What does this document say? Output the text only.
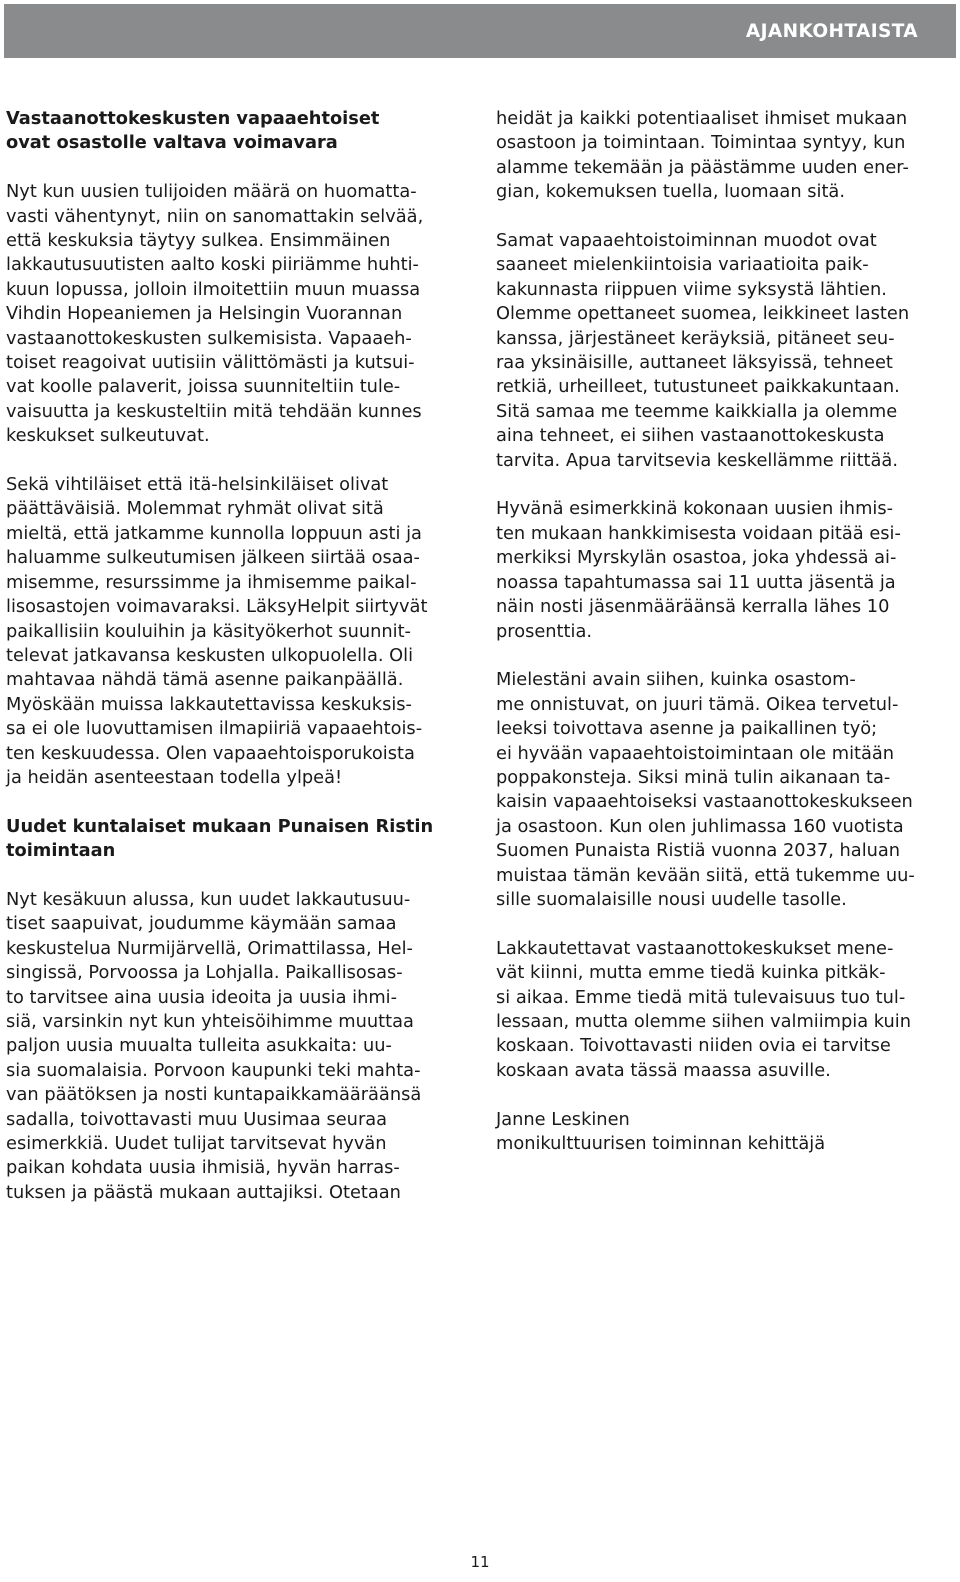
AJANKOHTAISTA
Vastaanottokeskusten vapaaehtoiset
ovat osastolle valtava voimavara

Nyt kun uusien tulijoiden määrä on huomatta-
vasti vähentynyt, niin on sanomattakin selvää,
että keskuksia täytyy sulkea. Ensimmäinen
lakkautusuutisten aalto koski piiriämme huhti-
kuun lopussa, jolloin ilmoitettiin muun muassa
Vihdin Hopeaniemen ja Helsingin Vuorannan
vastaanottokeskusten sulkemisista. Vapaaeh-
toiset reagoivat uutisiin välittömästi ja kutsui-
vat koolle palaverit, joissa suunniteltiin tule-
vaisuutta ja keskusteltiin mitä tehdään kunnes
keskukset sulkeutuvat.

Sekä vihtiläiset että itä-helsinkiläiset olivat
päättäväisiä. Molemmat ryhmät olivat sitä
mieltä, että jatkamme kunnolla loppuun asti ja
haluamme sulkeutumisen jälkeen siirtää osaa-
misemme, resurssimme ja ihmisemme paikal-
lisosastojen voimavaraksi. LäksyHelpit siirtyvät
paikallisiin kouluihin ja käsityökerhot suunnit-
televat jatkavansa keskusten ulkopuolella. Oli
mahtavaa nähdä tämä asenne paikanpäällä.
Myöskään muissa lakkautettavissa keskuksis-
sa ei ole luovuttamisen ilmapiiriä vapaaehtois-
ten keskuudessa. Olen vapaaehtoisporukoista
ja heidän asenteestaan todella ylpeä!

Uudet kuntalaiset mukaan Punaisen Ristin
toimintaan

Nyt kesäkuun alussa, kun uudet lakkautusuu-
tiset saapuivat, joudumme käymään samaa
keskustelua Nurmijärvellä, Orimattilassa, Hel-
singissä, Porvoossa ja Lohjalla. Paikallisosas-
to tarvitsee aina uusia ideoita ja uusia ihmi-
siä, varsinkin nyt kun yhteisöihimme muuttaa
paljon uusia muualta tulleita asukkaita: uu-
sia suomalaisia. Porvoon kaupunki teki mahta-
van päätöksen ja nosti kuntapaikkamääräänsä sadalla, toivottavasti muu Uusimaa seuraa
esimerkkiä. Uudet tulijat tarvitsevat hyvän
paikan kohdata uusia ihmisiä, hyvän harras-
tuksen ja päästä mukaan auttajiksi. Otetaan

heidät ja kaikki potentiaaliset ihmiset mukaan
osastoon ja toimintaan. Toimintaa syntyy, kun
alamme tekemään ja päästämme uuden ener-
gian, kokemuksen tuella, luomaan sitä.

Samat vapaaehtoistoiminnan muodot ovat
saaneet mielenkiintoisia variaatioita paik-
kakunnasta riippuen viime syksystä lähtien.
Olemme opettaneet suomea, leikkineet lasten
kanssa, järjestäneet keräyksiä, pitäneet seu-
raa yksinäisille, auttaneet läksyissä, tehneet
retkiä, urheilleet, tutustuneet paikkakuntaan.
Sitä samaa me teemme kaikkialla ja olemme
aina tehneet, ei siihen vastaanottokeskusta
tarvita. Apua tarvitsevia keskellämme riittää.

Hyvänä esimerkkinä kokonaan uusien ihmis-
ten mukaan hankkimisesta voidaan pitää esi-
merkiksi Myrskylän osastoa, joka yhdessä ai-
noassa tapahtumassa sai 11 uutta jäsentä ja
näin nosti jäsenmääräänsä kerralla lähes 10
prosenttia.

Mielestäni avain siihen, kuinka osastom-
me onnistuvat, on juuri tämä. Oikea tervetul-
leeksi toivottava asenne ja paikallinen työ;
ei hyvään vapaaehtoistoimintaan ole mitään
poppakonsteja. Siksi minä tulin aikanaan ta-
kaisin vapaaehtoiseksi vastaanottokeskukseen
ja osastoon. Kun olen juhlimassa 160 vuotista
Suomen Punaista Ristiä vuonna 2037, haluan
muistaa tämän kevään siitä, että tukemme uu-
sille suomalaisille nousi uudelle tasolle.

Lakkautettavat vastaanottokeskukset mene-
vät kiinni, mutta emme tiedä kuinka pitkäk-
si aikaa. Emme tiedä mitä tulevaisuus tuo tul-
lessaan, mutta olemme siihen valmiimpia kuin
koskaan. Toivottavasti niiden ovia ei tarvitse
koskaan avata tässä maassa asuville.

Janne Leskinen

monikulttuurisen toiminnan kehittäjä

11
